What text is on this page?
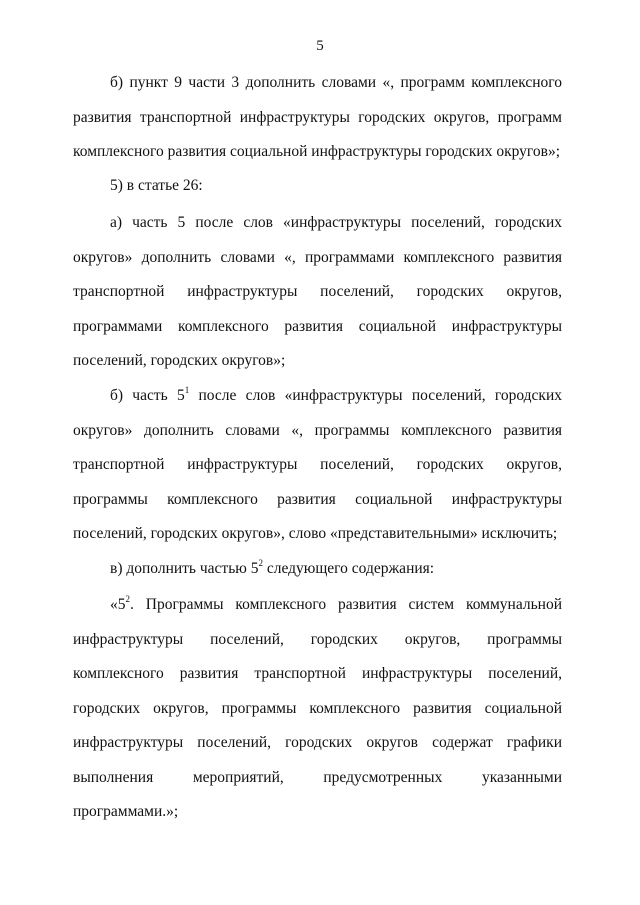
5
б) пункт 9 части 3 дополнить словами «, программ комплексного развития транспортной инфраструктуры городских округов, программ комплексного развития социальной инфраструктуры городских округов»;
5) в статье 26:
а) часть 5 после слов «инфраструктуры поселений, городских округов» дополнить словами «, программами комплексного развития транспортной инфраструктуры поселений, городских округов, программами комплексного развития социальной инфраструктуры поселений, городских округов»;
б) часть $5^1$ после слов «инфраструктуры поселений, городских округов» дополнить словами «, программы комплексного развития транспортной инфраструктуры поселений, городских округов, программы комплексного развития социальной инфраструктуры поселений, городских округов», слово «представительными» исключить;
в) дополнить частью $5^2$ следующего содержания:
«$5^2$. Программы комплексного развития систем коммунальной инфраструктуры поселений, городских округов, программы комплексного развития транспортной инфраструктуры поселений, городских округов, программы комплексного развития социальной инфраструктуры поселений, городских округов содержат графики выполнения мероприятий, предусмотренных указанными программами.»;
